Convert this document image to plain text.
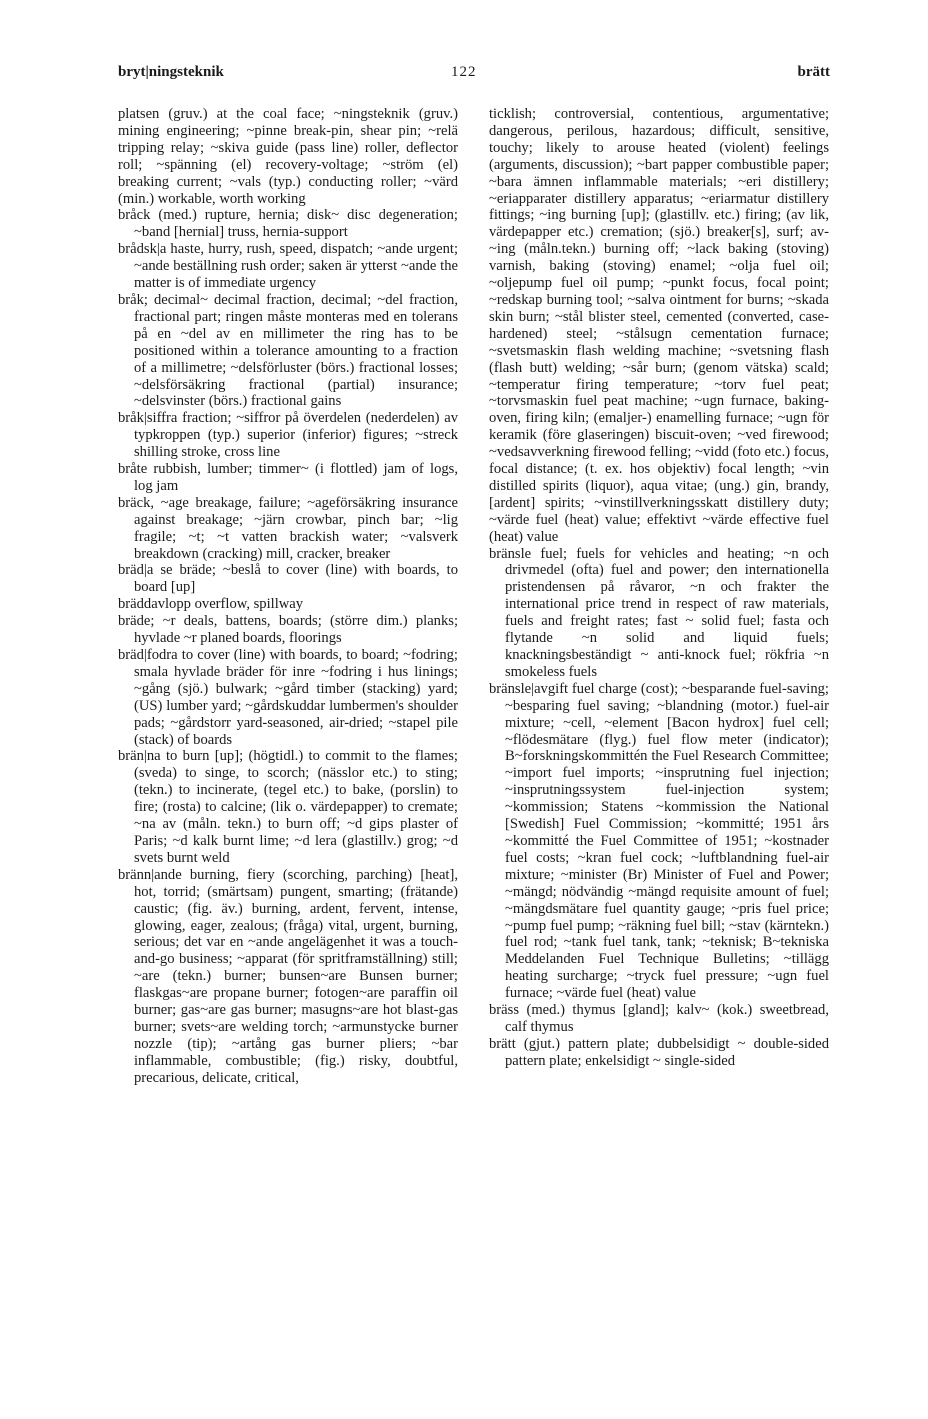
bryt|ningsteknik	122	brätt

platsen (gruv.) at the coal face; ~ningsteknik (gruv.) mining engineering; ~pinne break-pin, shear pin; ~relä tripping relay; ~skiva guide (pass line) roller, deflector roll; ~spänning (el) recovery-voltage; ~ström (el) breaking current; ~vals (typ.) conducting roller; ~värd (min.) workable, worth working

bråck (med.) rupture, hernia; disk~ disc degeneration; ~band [hernial] truss, hernia-support

brådsk|a haste, hurry, rush, speed, dispatch; ~ande urgent; ~ande beställning rush order; saken är ytterst ~ande the matter is of immediate urgency

bråk; decimal~ decimal fraction, decimal; ~del fraction, fractional part; ringen måste monteras med en tolerans på en ~del av en millimeter the ring has to be positioned within a tolerance amounting to a fraction of a millimetre; ~delsförluster (börs.) fractional losses; ~delsförsäkring fractional (partial) insurance; ~delsvinster (börs.) fractional gains

bråk|siffra fraction; ~siffror på överdelen (nederdelen) av typkroppen (typ.) superior (inferior) figures; ~streck shilling stroke, cross line

bråte rubbish, lumber; timmer~ (i flottled) jam of logs, log jam

bräck, ~age breakage, failure; ~ageförsäkring insurance against breakage; ~järn crowbar, pinch bar; ~lig fragile; ~t; ~t vatten brackish water; ~valsverk breakdown (cracking) mill, cracker, breaker

bräd|a se bräde; ~beslå to cover (line) with boards, to board [up]

bräddavlopp overflow, spillway

bräde; ~r deals, battens, boards; (större dim.) planks; hyvlade ~r planed boards, floorings

bräd|fodra to cover (line) with boards, to board; ~fodring; smala hyvlade bräder för inre ~fodring i hus linings; ~gång (sjö.) bulwark; ~gård timber (stacking) yard; (US) lumber yard; ~gårdskuddar lumbermen's shoulder pads; ~gårdstorr yard-seasoned, air-dried; ~stapel pile (stack) of boards

brän|na to burn [up]; (högtidl.) to commit to the flames; (sveda) to singe, to scorch; (nässlor etc.) to sting; (tekn.) to incinerate, (tegel etc.) to bake, (porslin) to fire; (rosta) to calcine; (lik o. värdepapper) to cremate; ~na av (måln. tekn.) to burn off; ~d gips plaster of Paris; ~d kalk burnt lime; ~d lera (glastillv.) grog; ~d svets burnt weld

bränn|ande burning, fiery (scorching, parching) [heat], hot, torrid; (smärtsam) pungent, smarting; (frätande) caustic; (fig. äv.) burning, ardent, fervent, intense, glowing, eager, zealous; (fråga) vital, urgent, burning, serious; det var en ~ande angelägenhet it was a touch-and-go business; ~apparat (för spritframställning) still; ~are (tekn.) burner; bunsen~are Bunsen burner; flaskgas~are propane burner; fotogen~are paraffin oil burner; gas~are gas burner; masugns~are hot blast-gas burner; svets~are welding torch; ~armunstycke burner nozzle (tip); ~artång gas burner pliers; ~bar inflammable, combustible; (fig.) risky, doubtful, precarious, delicate, critical,

ticklish; controversial, contentious, argumentative; dangerous, perilous, hazardous; difficult, sensitive, touchy; likely to arouse heated (violent) feelings (arguments, discussion); ~bart papper combustible paper; ~bara ämnen inflammable materials; ~eri distillery; ~eriapparater distillery apparatus; ~eriarmatur distillery fittings; ~ing burning [up]; (glastillv. etc.) firing; (av lik, värdepapper etc.) cremation; (sjö.) breaker[s], surf; av-~ing (måln.tekn.) burning off; ~lack baking (stoving) varnish, baking (stoving) enamel; ~olja fuel oil; ~oljepump fuel oil pump; ~punkt focus, focal point; ~redskap burning tool; ~salva ointment for burns; ~skada skin burn; ~stål blister steel, cemented (converted, case-hardened) steel; ~stålsugn cementation furnace; ~svetsmaskin flash welding machine; ~svetsning flash (flash butt) welding; ~sår burn; (genom vätska) scald; ~temperatur firing temperature; ~torv fuel peat; ~torvsmaskin fuel peat machine; ~ugn furnace, baking-oven, firing kiln; (emaljer-) enamelling furnace; ~ugn för keramik (före glaseringen) biscuit-oven; ~ved firewood; ~vedsavverkning firewood felling; ~vidd (foto etc.) focus, focal distance; (t. ex. hos objektiv) focal length; ~vin distilled spirits (liquor), aqua vitae; (ung.) gin, brandy, [ardent] spirits; ~vinstillverkningsskatt distillery duty; ~värde fuel (heat) value; effektivt ~värde effective fuel (heat) value

bränsle fuel; fuels for vehicles and heating; ~n och drivmedel (ofta) fuel and power; den internationella pristendensen på råvaror, ~n och frakter the international price trend in respect of raw materials, fuels and freight rates; fast ~ solid fuel; fasta och flytande ~n solid and liquid fuels; knackningsbeständigt ~ anti-knock fuel; rökfria ~n smokeless fuels

bränsle|avgift fuel charge (cost); ~besparande fuel-saving; ~besparing fuel saving; ~blandning (motor.) fuel-air mixture; ~cell, ~element [Bacon hydrox] fuel cell; ~flödesmätare (flyg.) fuel flow meter (indicator); B~forskningskommittén the Fuel Research Committee; ~import fuel imports; ~insprutning fuel injection; ~insprutningssystem fuel-injection system; ~kommission; Statens ~kommission the National [Swedish] Fuel Commission; ~kommitté; 1951 års ~kommitté the Fuel Committee of 1951; ~kostnader fuel costs; ~kran fuel cock; ~luftblandning fuel-air mixture; ~minister (Br) Minister of Fuel and Power; ~mängd; nödvändig ~mängd requisite amount of fuel; ~mängdsmätare fuel quantity gauge; ~pris fuel price; ~pump fuel pump; ~räkning fuel bill; ~stav (kärntekn.) fuel rod; ~tank fuel tank, tank; ~teknisk; B~tekniska Meddelanden Fuel Technique Bulletins; ~tillägg heating surcharge; ~tryck fuel pressure; ~ugn fuel furnace; ~värde fuel (heat) value

bräss (med.) thymus [gland]; kalv~ (kok.) sweetbread, calf thymus

brätt (gjut.) pattern plate; dubbelsidigt ~ double-sided pattern plate; enkelsidigt ~ single-sided
